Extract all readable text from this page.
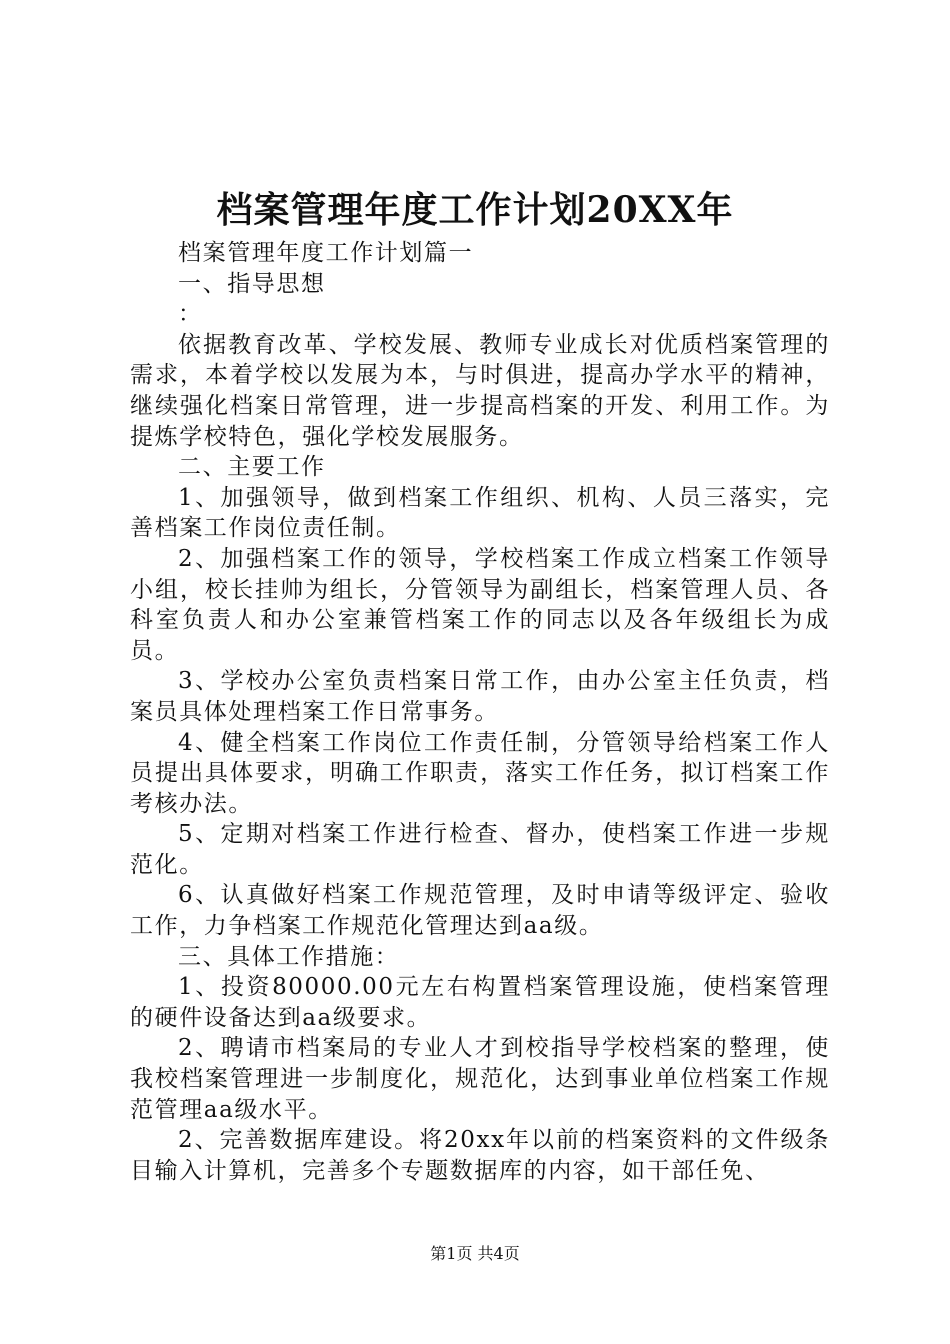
档案管理年度工作计划20XX年

档案管理年度工作计划篇一

一、指导思想

：

依据教育改革、学校发展、教师专业成长对优质档案管理的需求，本着学校以发展为本，与时俱进，提高办学水平的精神，继续强化档案日常管理，进一步提高档案的开发、利用工作。为提炼学校特色，强化学校发展服务。

二、主要工作

1、加强领导，做到档案工作组织、机构、人员三落实，完善档案工作岗位责任制。

2、加强档案工作的领导，学校档案工作成立档案工作领导小组，校长挂帅为组长，分管领导为副组长，档案管理人员、各科室负责人和办公室兼管档案工作的同志以及各年级组长为成员。

3、学校办公室负责档案日常工作，由办公室主任负责，档案员具体处理档案工作日常事务。

4、健全档案工作岗位工作责任制，分管领导给档案工作人员提出具体要求，明确工作职责，落实工作任务，拟订档案工作考核办法。

5、定期对档案工作进行检查、督办，使档案工作进一步规范化。

6、认真做好档案工作规范管理，及时申请等级评定、验收工作，力争档案工作规范化管理达到aa级。

三、具体工作措施：

1、投资80000.00元左右构置档案管理设施，使档案管理的硬件设备达到aa级要求。

2、聘请市档案局的专业人才到校指导学校档案的整理，使我校档案管理进一步制度化，规范化，达到事业单位档案工作规范管理aa级水平。

2、完善数据库建设。将20xx年以前的档案资料的文件级条目输入计算机，完善多个专题数据库的内容，如干部任免、

第1页 共4页
